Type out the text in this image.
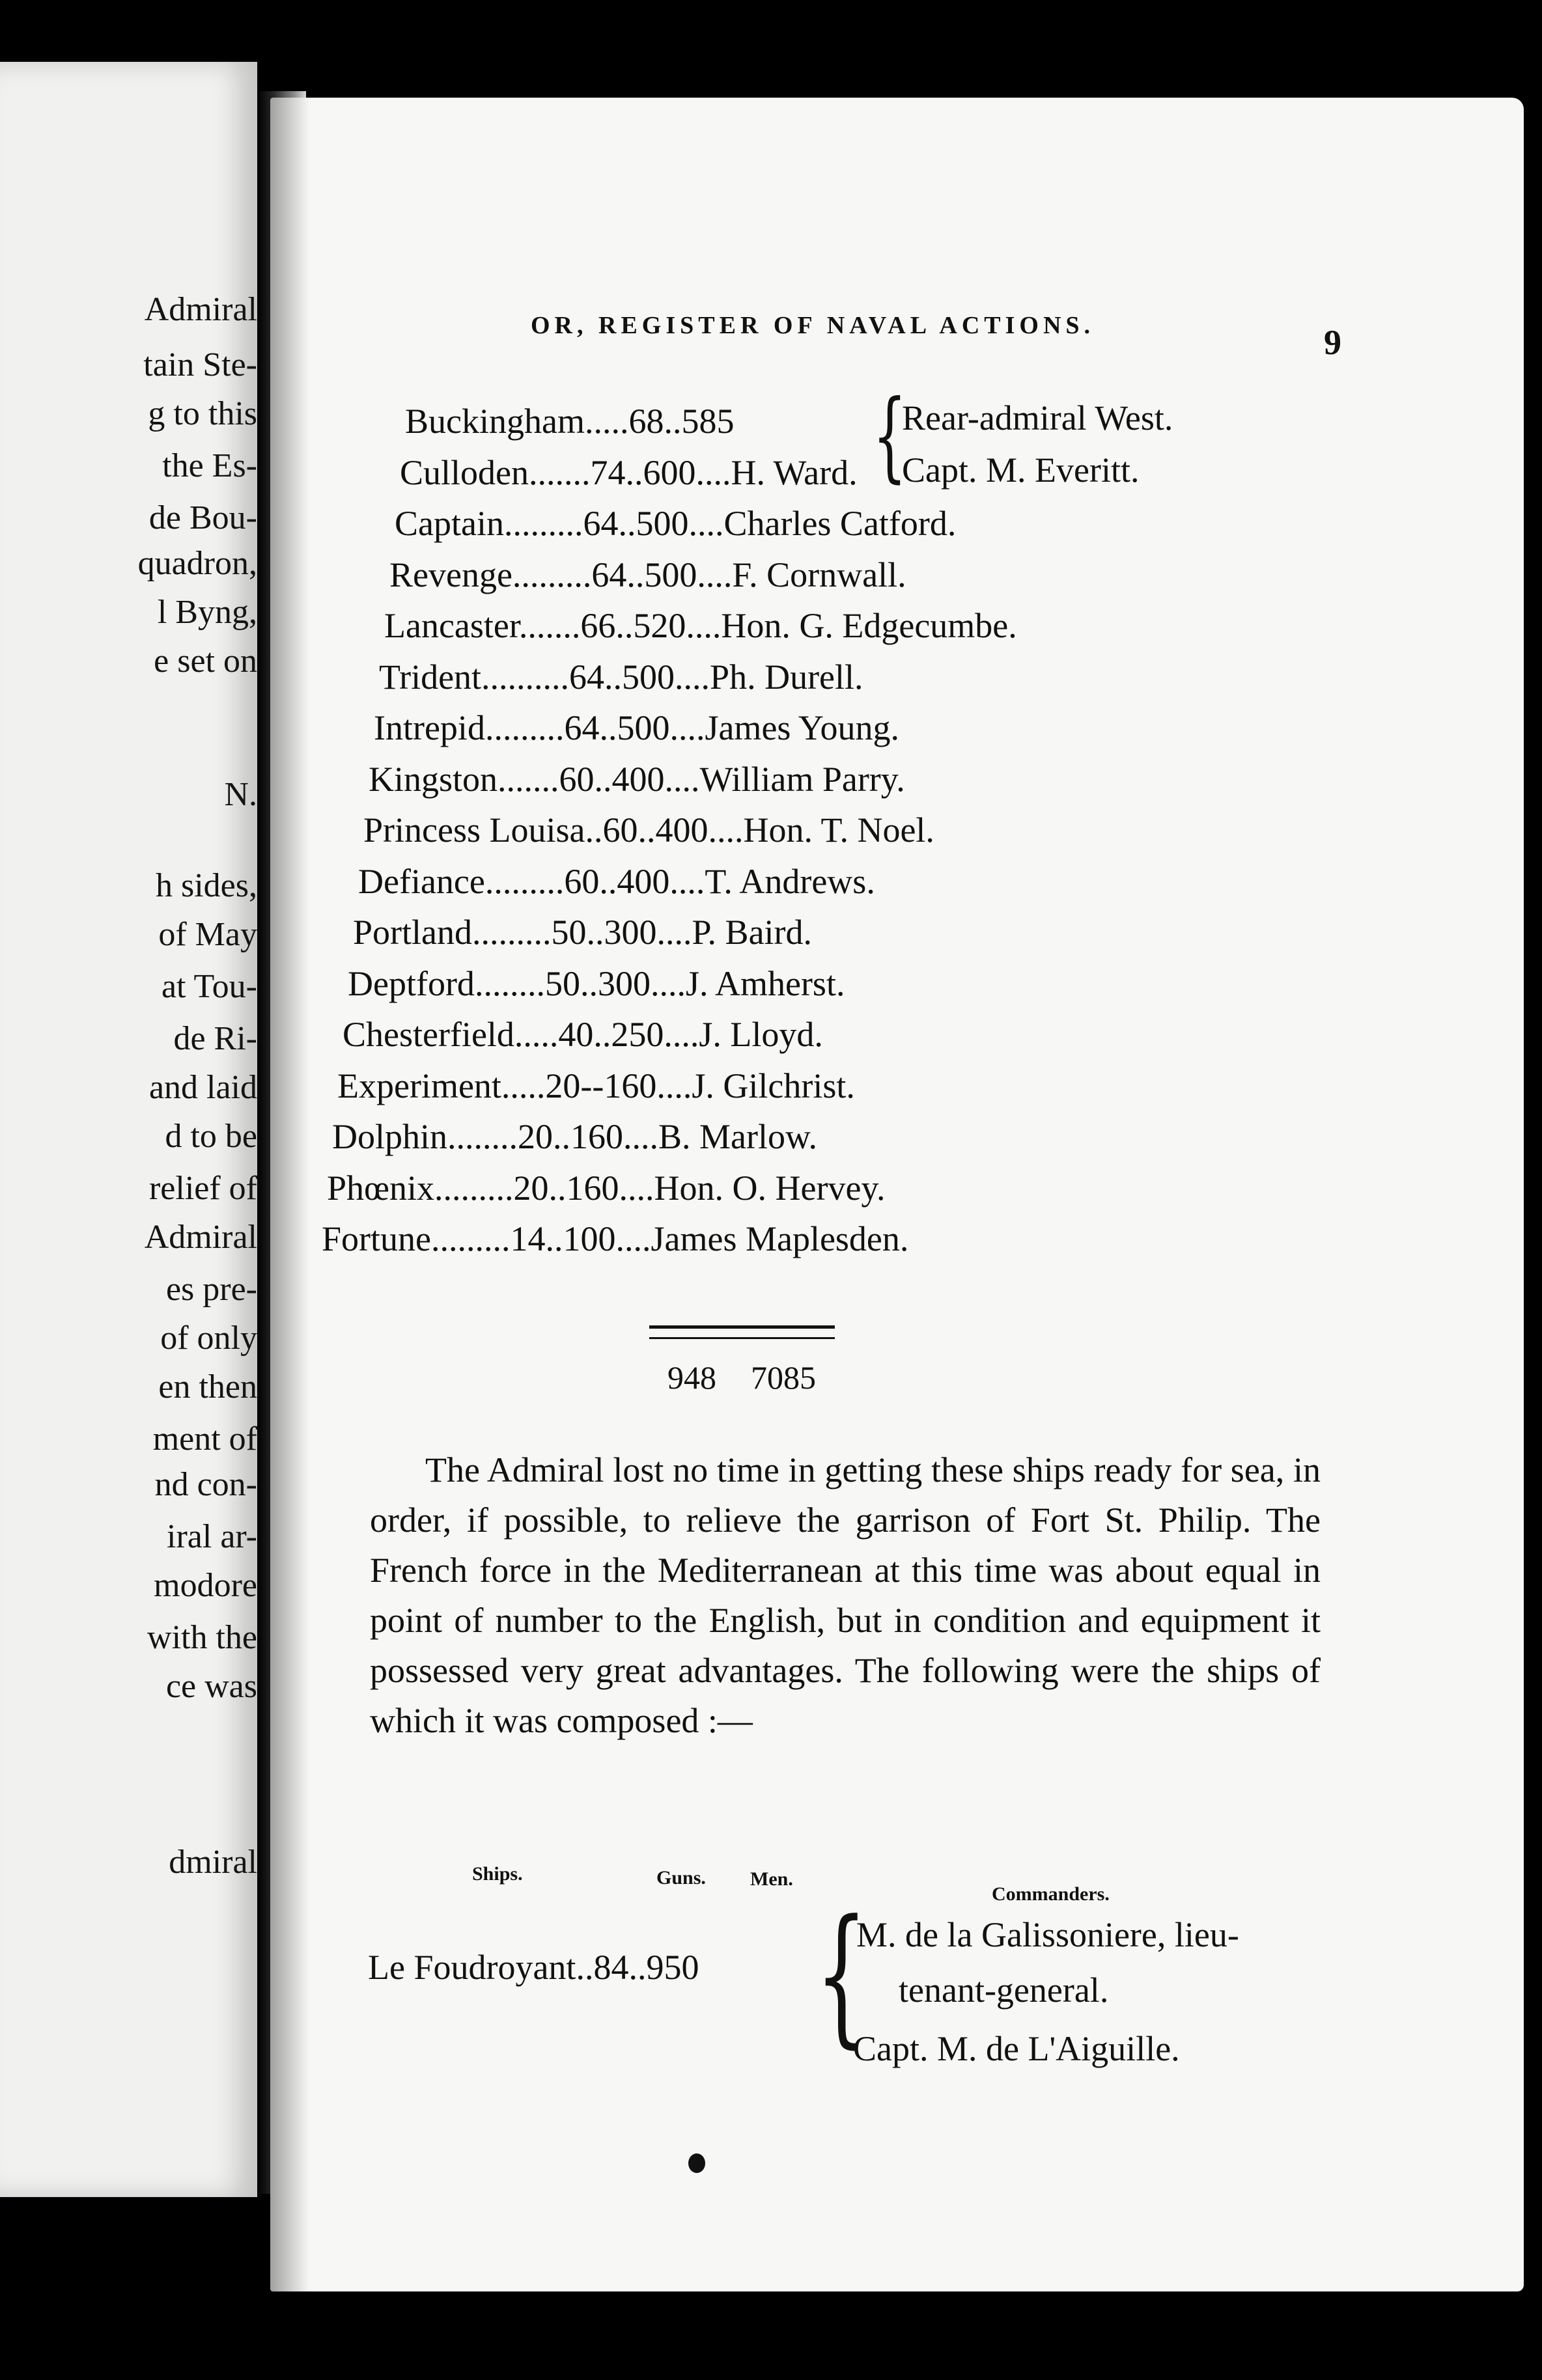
Admiral
tain Ste-
g to this
the Es-
de Bou-
quadron,
l Byng,
e set on
N.
h sides,
of May
at Tou-
de Ri-
and laid
d to be
relief of
Admiral
es pre-
of only
en then
ment of
nd con-
iral ar-
modore
with the
ce was
dmiral
OR, REGISTER OF NAVAL ACTIONS.	9
Buckingham.....68..585
Culloden.......74..600....H. Ward.
Captain.........64..500....Charles Catford.
Revenge.........64..500....F. Cornwall.
Lancaster.......66..520....Hon. G. Edgecumbe.
Trident..........64..500....Ph. Durell.
Intrepid.........64..500....James Young.
Kingston.......60..400....William Parry.
Princess Louisa..60..400....Hon. T. Noel.
Defiance.........60..400....T. Andrews.
Portland.........50..300....P. Baird.
Deptford........50..300....J. Amherst.
Chesterfield.....40..250....J. Lloyd.
Experiment.....20--160....J. Gilchrist.
Dolphin........20..160....B. Marlow.
Phœnix.........20..160....Hon. O. Hervey.
Fortune.........14..100....James Maplesden.
{
Rear-admiral West.
Capt. M. Everitt.
948 7085

The Admiral lost no time in getting these ships ready for sea, in order, if possible, to relieve the garrison of Fort St. Philip. The French force in the Mediterranean at this time was about equal in point of number to the English, but in condition and equipment it possessed very great advantages. The following were the ships of which it was composed :—

Ships.	Guns. Men.
Commanders.
Le Foudroyant..84..950 {
M. de la Galissoniere, lieu-
tenant-general.
Capt. M. de L'Aiguille.
